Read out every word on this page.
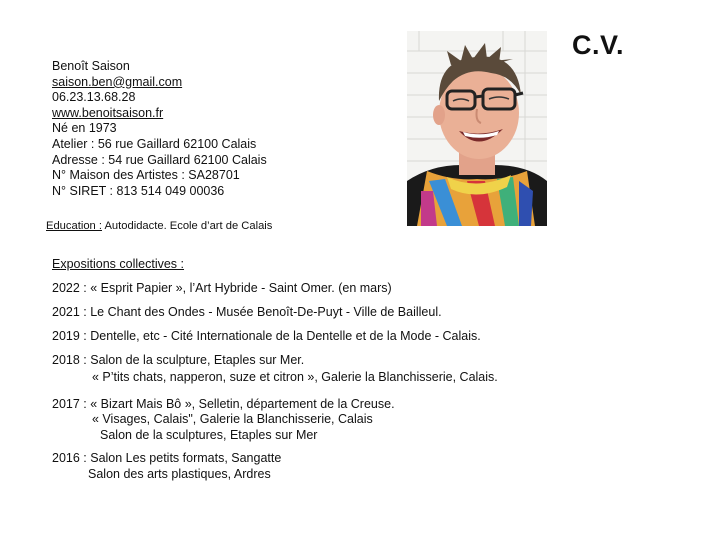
C.V.
Benoît Saison
saison.ben@gmail.com
06.23.13.68.28
www.benoitsaison.fr
Né en 1973
Atelier : 56 rue Gaillard 62100 Calais
Adresse : 54 rue Gaillard 62100 Calais
N° Maison des Artistes : SA28701
N° SIRET : 813 514 049 00036
Education : Autodidacte. Ecole d’art de Calais
Expositions collectives :
2022 : « Esprit Papier », l’Art Hybride - Saint Omer. (en mars)
2021 : Le Chant des Ondes - Musée Benoît-De-Puyt - Ville de Bailleul.
2019 : Dentelle, etc - Cité Internationale de la Dentelle et de la Mode - Calais.
2018 : Salon de la sculpture, Etaples sur Mer.
« P’tits chats, napperon, suze et citron », Galerie la Blanchisserie, Calais.
2017 : « Bizart Mais Bô », Selletin, département de la Creuse.
« Visages, Calais", Galerie la Blanchisserie, Calais
Salon de la sculptures, Etaples sur Mer
2016 : Salon Les petits formats, Sangatte
Salon des arts plastiques, Ardres
